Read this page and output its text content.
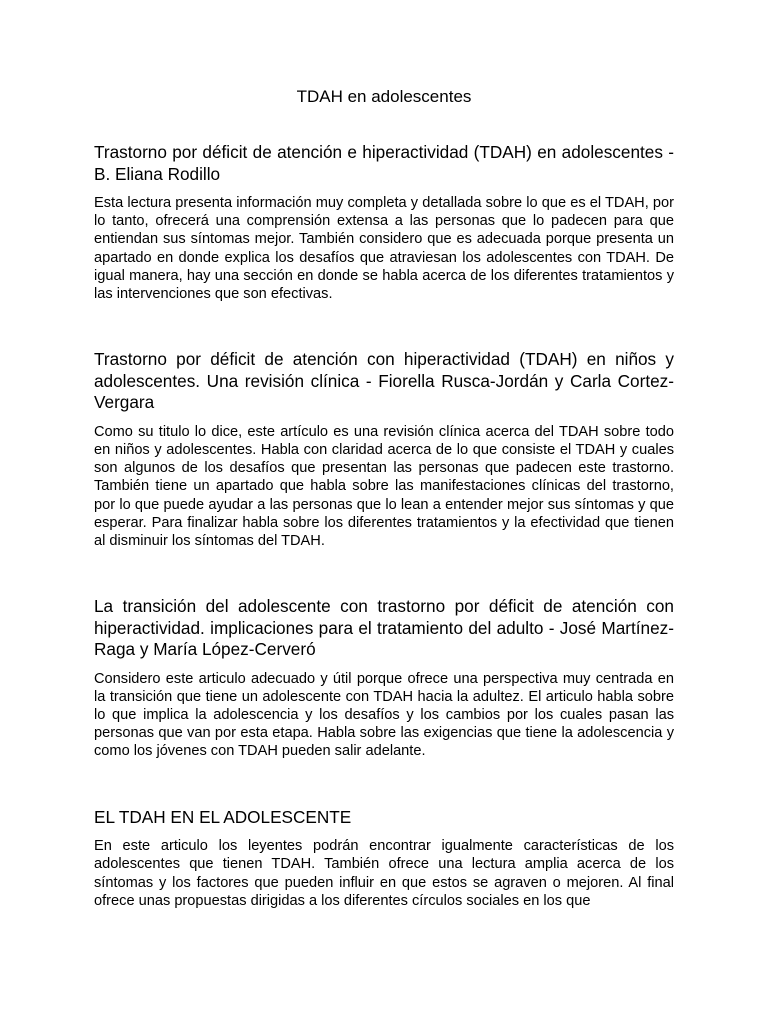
TDAH en adolescentes
Trastorno por déficit de atención e hiperactividad (TDAH) en adolescentes -B. Eliana Rodillo

Esta lectura presenta información muy completa y detallada sobre lo que es el TDAH, por lo tanto, ofrecerá una comprensión extensa a las personas que lo padecen para que entiendan sus síntomas mejor. También considero que es adecuada porque presenta un apartado en donde explica los desafíos que atraviesan los adolescentes con TDAH. De igual manera, hay una sección en donde se habla acerca de los diferentes tratamientos y las intervenciones que son efectivas.

Trastorno por déficit de atención con hiperactividad (TDAH) en niños y adolescentes. Una revisión clínica - Fiorella Rusca-Jordán y Carla Cortez-Vergara

Como su titulo lo dice, este artículo es una revisión clínica acerca del TDAH sobre todo en niños y adolescentes. Habla con claridad acerca de lo que consiste el TDAH y cuales son algunos de los desafíos que presentan las personas que padecen este trastorno. También tiene un apartado que habla sobre las manifestaciones clínicas del trastorno, por lo que puede ayudar a las personas que lo lean a entender mejor sus síntomas y que esperar. Para finalizar habla sobre los diferentes tratamientos y la efectividad que tienen al disminuir los síntomas del TDAH.

La transición del adolescente con trastorno por déficit de atención con hiperactividad. implicaciones para el tratamiento del adulto - José Martínez-Raga y María López-Cerveró

Considero este articulo adecuado y útil porque ofrece una perspectiva muy centrada en la transición que tiene un adolescente con TDAH hacia la adultez. El articulo habla sobre lo que implica la adolescencia y los desafíos y los cambios por los cuales pasan las personas que van por esta etapa. Habla sobre las exigencias que tiene la adolescencia y como los jóvenes con TDAH pueden salir adelante.

EL TDAH EN EL ADOLESCENTE

En este articulo los leyentes podrán encontrar igualmente características de los adolescentes que tienen TDAH. También ofrece una lectura amplia acerca de los síntomas y los factores que pueden influir en que estos se agraven o mejoren. Al final ofrece unas propuestas dirigidas a los diferentes círculos sociales en los que
